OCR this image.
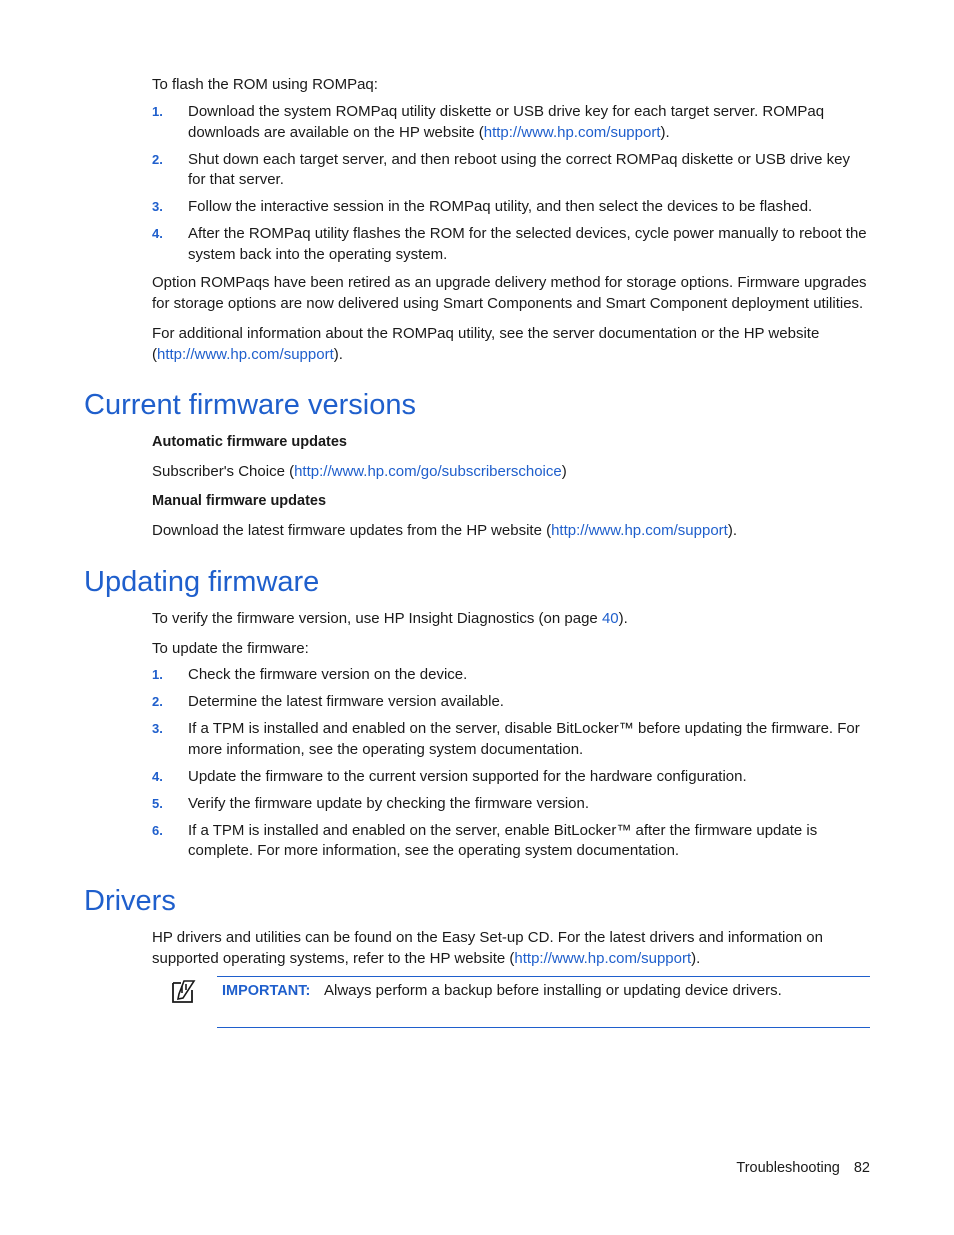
To flash the ROM using ROMPaq:

1. Download the system ROMPaq utility diskette or USB drive key for each target server. ROMPaq downloads are available on the HP website (http://www.hp.com/support).
2. Shut down each target server, and then reboot using the correct ROMPaq diskette or USB drive key for that server.
3. Follow the interactive session in the ROMPaq utility, and then select the devices to be flashed.
4. After the ROMPaq utility flashes the ROM for the selected devices, cycle power manually to reboot the system back into the operating system.

Option ROMPaqs have been retired as an upgrade delivery method for storage options. Firmware upgrades for storage options are now delivered using Smart Components and Smart Component deployment utilities.

For additional information about the ROMPaq utility, see the server documentation or the HP website (http://www.hp.com/support).

Current firmware versions

Automatic firmware updates

Subscriber's Choice (http://www.hp.com/go/subscriberschoice)

Manual firmware updates

Download the latest firmware updates from the HP website (http://www.hp.com/support).

Updating firmware

To verify the firmware version, use HP Insight Diagnostics (on page 40).

To update the firmware:

1. Check the firmware version on the device.
2. Determine the latest firmware version available.
3. If a TPM is installed and enabled on the server, disable BitLocker™ before updating the firmware. For more information, see the operating system documentation.
4. Update the firmware to the current version supported for the hardware configuration.
5. Verify the firmware update by checking the firmware version.
6. If a TPM is installed and enabled on the server, enable BitLocker™ after the firmware update is complete. For more information, see the operating system documentation.
Drivers

HP drivers and utilities can be found on the Easy Set-up CD. For the latest drivers and information on supported operating systems, refer to the HP website (http://www.hp.com/support).

IMPORTANT: Always perform a backup before installing or updating device drivers.
Troubleshooting 82
